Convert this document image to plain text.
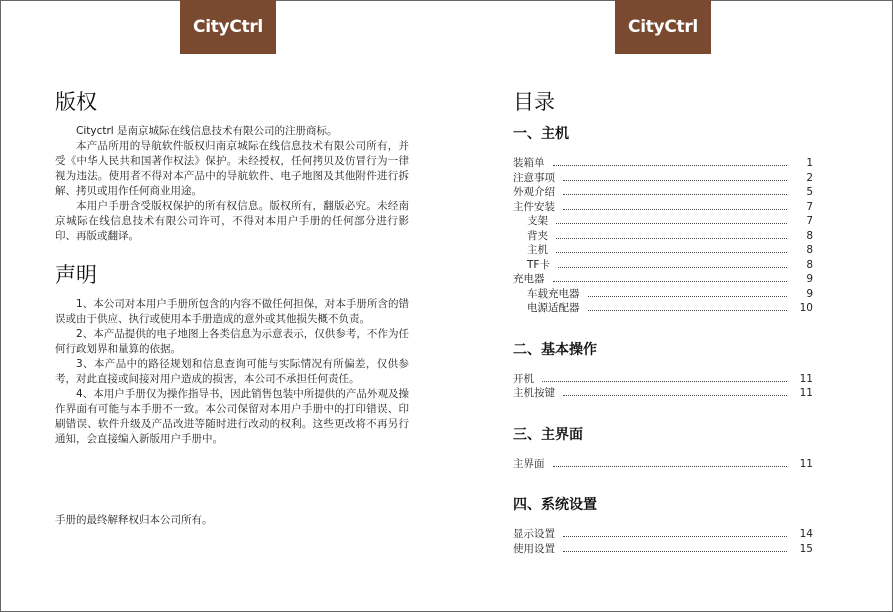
CityCtrl	CityCtrl
版权

Cityctrl 是南京城际在线信息技术有限公司的注册商标。

本产品所用的导航软件版权归南京城际在线信息技术有限公司所有，并受《中华人民共和国著作权法》保护。未经授权，任何拷贝及仿冒行为一律视为违法。使用者不得对本产品中的导航软件、电子地图及其他附件进行拆解、拷贝或用作任何商业用途。

本用户手册含受版权保护的所有权信息。版权所有，翻版必究。未经南京城际在线信息技术有限公司许可，不得对本用户手册的任何部分进行影印、再版或翻译。

声明

1、本公司对本用户手册所包含的内容不做任何担保，对本手册所含的错误或由于供应、执行或使用本手册造成的意外或其他损失概不负责。

2、本产品提供的电子地图上各类信息为示意表示，仅供参考，不作为任何行政划界和量算的依据。

3、本产品中的路径规划和信息查询可能与实际情况有所偏差，仅供参考，对此直接或间接对用户造成的损害，本公司不承担任何责任。

4、本用户手册仅为操作指导书，因此销售包装中所提供的产品外观及操作界面有可能与本手册不一致。本公司保留对本用户手册中的打印错误、印刷错误、软件升级及产品改进等随时进行改动的权利。这些更改将不再另行通知，会直接编入新版用户手册中。

手册的最终解释权归本公司所有。
目录
一、主机
装箱单	1
注意事项	2
外观介绍	5
主件安装	7
支架	7
背夹	8
主机	8
TF卡	8
充电器	9
车载充电器	9
电源适配器	10
二、基本操作
开机	11
主机按键	11
三、主界面
主界面	11
四、系统设置
显示设置	14
使用设置	15
